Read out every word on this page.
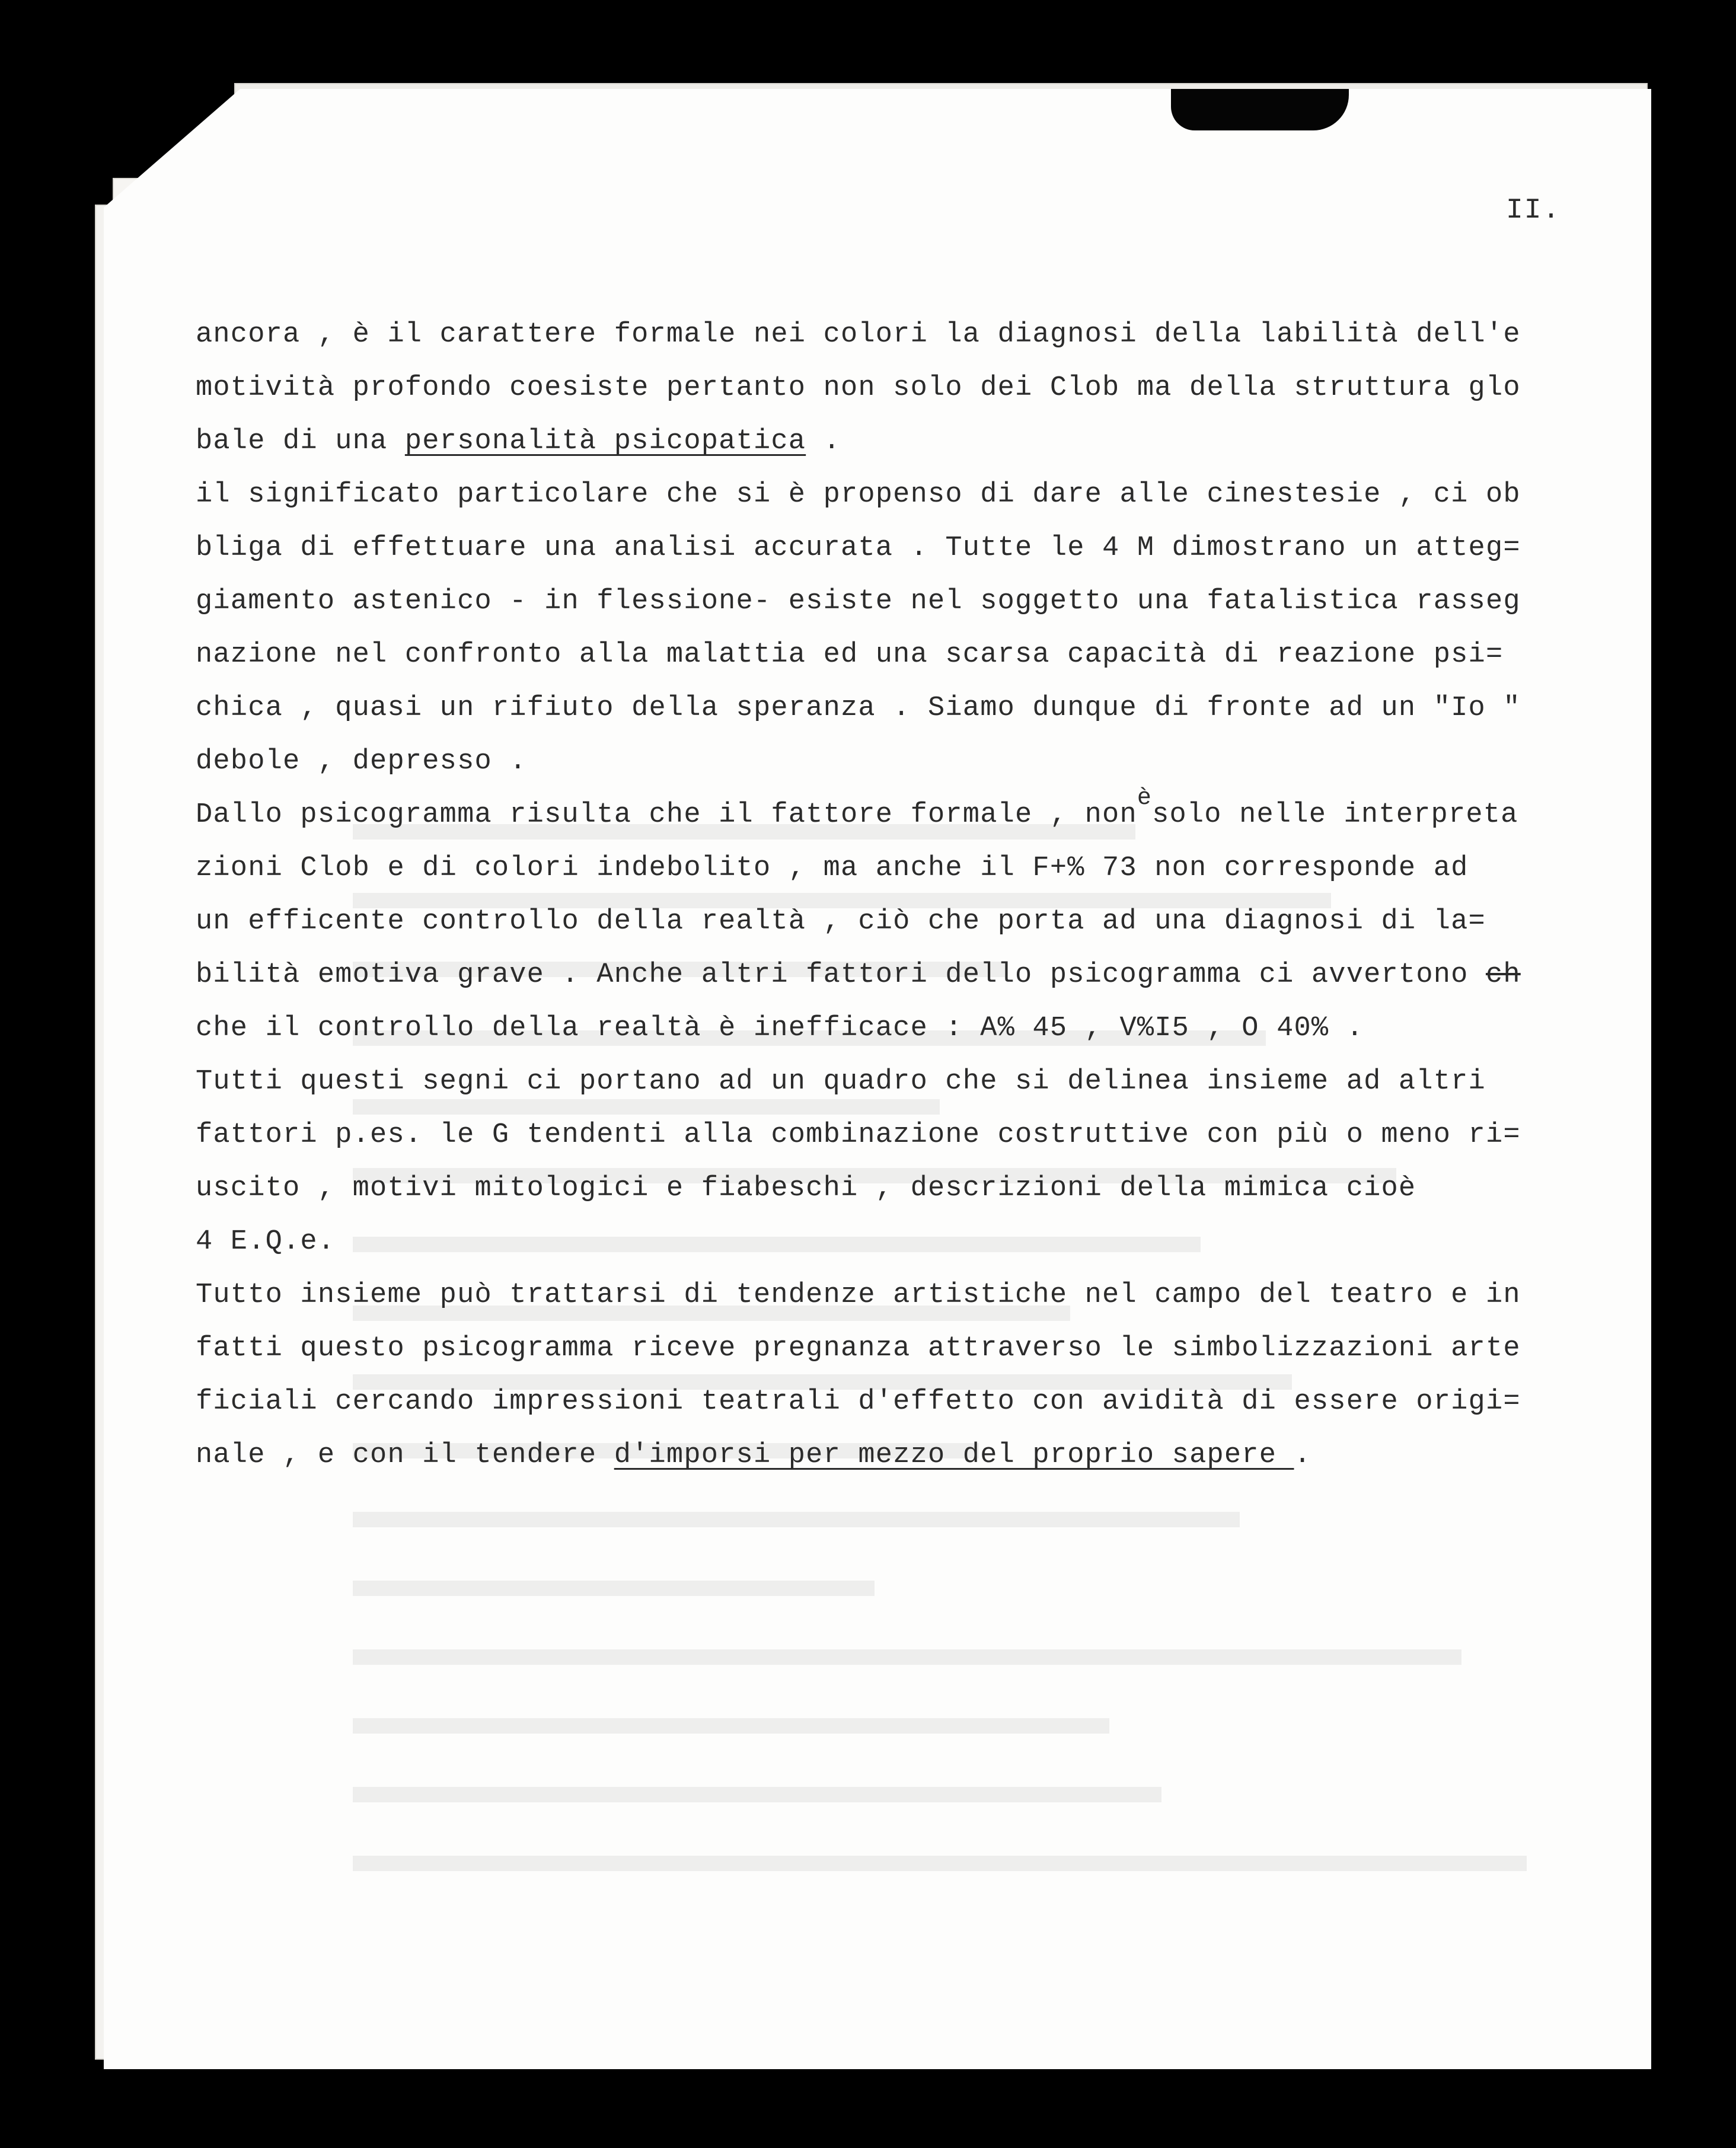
II.
ancora , è il carattere formale nei colori la diagnosi della labilità dell'e
motività profondo coesiste pertanto non solo dei Clob ma della struttura glo
bale di una personalità psicopatica .
il significato particolare che si è propenso di dare alle cinestesie , ci ob
bliga di effettuare una analisi accurata . Tutte le 4 M dimostrano un atteg=
giamento astenico - in flessione- esiste nel soggetto una fatalistica rasseg
nazione nel confronto alla malattia ed una scarsa capacità di reazione psi=
chica , quasi un rifiuto della speranza . Siamo dunque di fronte ad un "Io "
debole , depresso .
Dallo psicogramma risulta che il fattore formale , nonèsolo nelle interpreta
zioni Clob e di colori indebolito , ma anche il F+% 73 non corresponde ad
un efficente controllo della realtà , ciò che porta ad una diagnosi di la=
bilità emotiva grave . Anche altri fattori dello psicogramma ci avvertono ch
che il controllo della realtà è inefficace : A% 45 , V%I5 , O 40% .
Tutti questi segni ci portano ad un quadro che si delinea insieme ad altri
fattori p.es. le G tendenti alla combinazione costruttive con più o meno ri=
uscito , motivi mitologici e fiabeschi , descrizioni della mimica cioè
4 E.Q.e.
Tutto insieme può trattarsi di tendenze artistiche nel campo del teatro e in
fatti questo psicogramma riceve pregnanza attraverso le simbolizzazioni arte
ficiali cercando impressioni teatrali d'effetto con avidità di essere origi=
nale , e con il tendere d'imporsi per mezzo del proprio sapere .
